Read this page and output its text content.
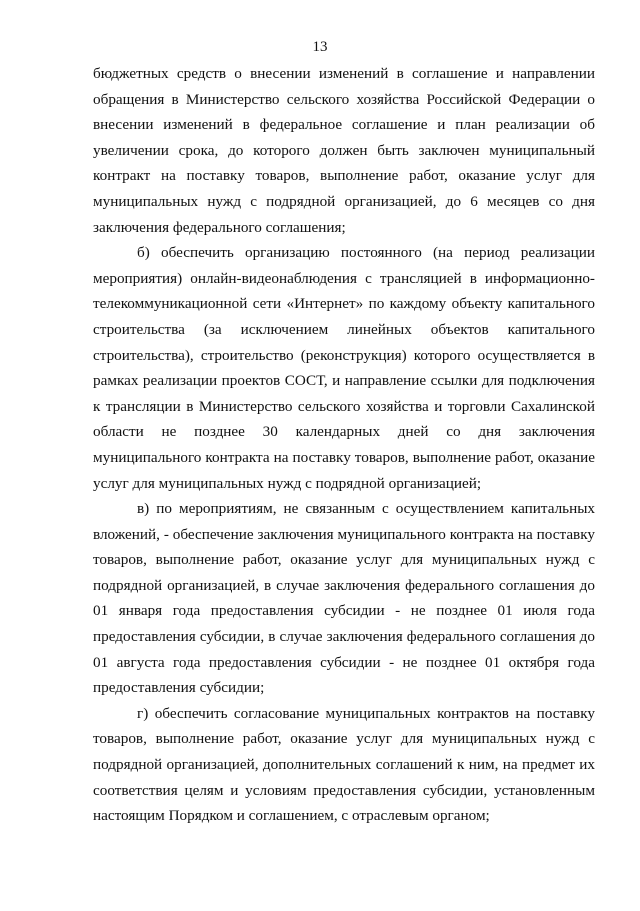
13

бюджетных средств о внесении изменений в соглашение и направлении обращения в Министерство сельского хозяйства Российской Федерации о внесении изменений в федеральное соглашение и план реализации об увеличении срока, до которого должен быть заключен муниципальный контракт на поставку товаров, выполнение работ, оказание услуг для муниципальных нужд с подрядной организацией, до 6 месяцев со дня заключения федерального соглашения;

б) обеспечить организацию постоянного (на период реализации мероприятия) онлайн-видеонаблюдения с трансляцией в информационно-телекоммуникационной сети «Интернет» по каждому объекту капитального строительства (за исключением линейных объектов капитального строительства), строительство (реконструкция) которого осуществляется в рамках реализации проектов СОСТ, и направление ссылки для подключения к трансляции в Министерство сельского хозяйства и торговли Сахалинской области не позднее 30 календарных дней со дня заключения муниципального контракта на поставку товаров, выполнение работ, оказание услуг для муниципальных нужд с подрядной организацией;

в) по мероприятиям, не связанным с осуществлением капитальных вложений, - обеспечение заключения муниципального контракта на поставку товаров, выполнение работ, оказание услуг для муниципальных нужд с подрядной организацией, в случае заключения федерального соглашения до 01 января года предоставления субсидии - не позднее 01 июля года предоставления субсидии, в случае заключения федерального соглашения до 01 августа года предоставления субсидии - не позднее 01 октября года предоставления субсидии;

г) обеспечить согласование муниципальных контрактов на поставку товаров, выполнение работ, оказание услуг для муниципальных нужд с подрядной организацией, дополнительных соглашений к ним, на предмет их соответствия целям и условиям предоставления субсидии, установленным настоящим Порядком и соглашением, с отраслевым органом;
